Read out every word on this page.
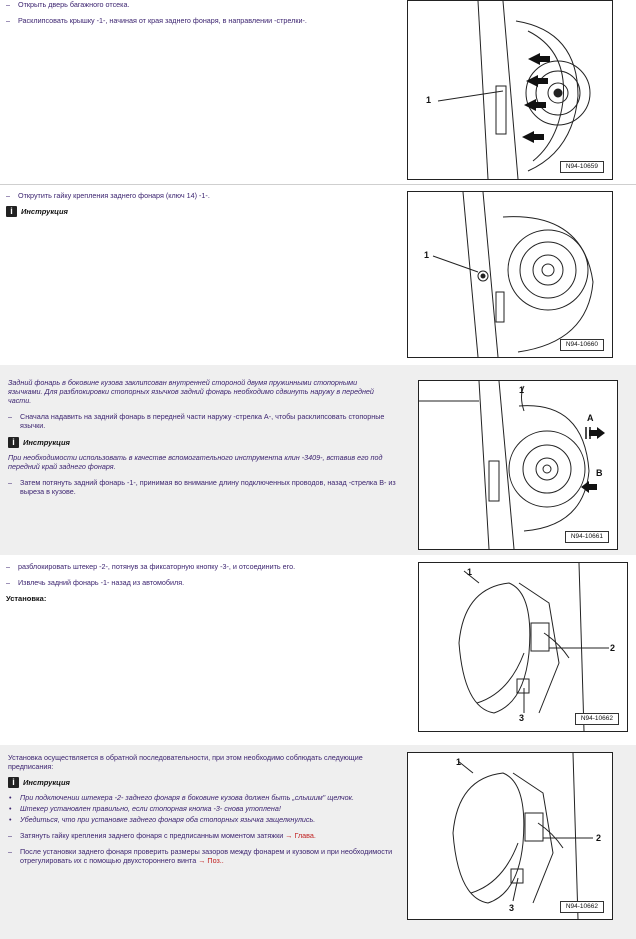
– Открыть дверь багажного отсека.
– Расклипсовать крышку -1-, начиная от края заднего фонаря, в направлении -стрелки-.
1
N94-10659
– Открутить гайку крепления заднего фонаря (ключ 14) -1-.
i Инструкция
1
N94-10660
Задний фонарь в боковине кузова заклипсован внутренней стороной двумя пружинными стопорными язычками. Для разблокировки стопорных язычков задний фонарь необходимо сдвинуть наружу в передней части.
– Сначала надавить на задний фонарь в передней части наружу -стрелка A-, чтобы расклипсовать стопорные язычки.
i Инструкция
При необходимости использовать в качестве вспомогательного инструмента клин -3409-, вставив его под передний край заднего фонаря.
– Затем потянуть задний фонарь -1-, принимая во внимание длину подключенных проводов, назад -стрелка B- из выреза в кузове.
1
A
B
N94-10661
– разблокировать штекер -2-, потянув за фиксаторную кнопку -3-, и отсоединить его.
– Извлечь задний фонарь -1- назад из автомобиля.
Установка:
1
2
3	N94-10662
Установка осуществляется в обратной последовательности, при этом необходимо соблюдать следующие предписания:
i Инструкция
• При подключении штекера -2- заднего фонаря в боковине кузова должен быть „слышим" щелчок.
• Штекер установлен правильно, если стопорная кнопка -3- снова утоплена!
• Убедиться, что при установке заднего фонаря оба стопорных язычка защелкнулись.
– Затянуть гайку крепления заднего фонаря с предписанным моментом затяжки → Глава.
– После установки заднего фонаря проверить размеры зазоров между фонарем и кузовом и при необходимости отрегулировать их с помощью двухстороннего винта → Поз..
1
2
3	N94-10662
